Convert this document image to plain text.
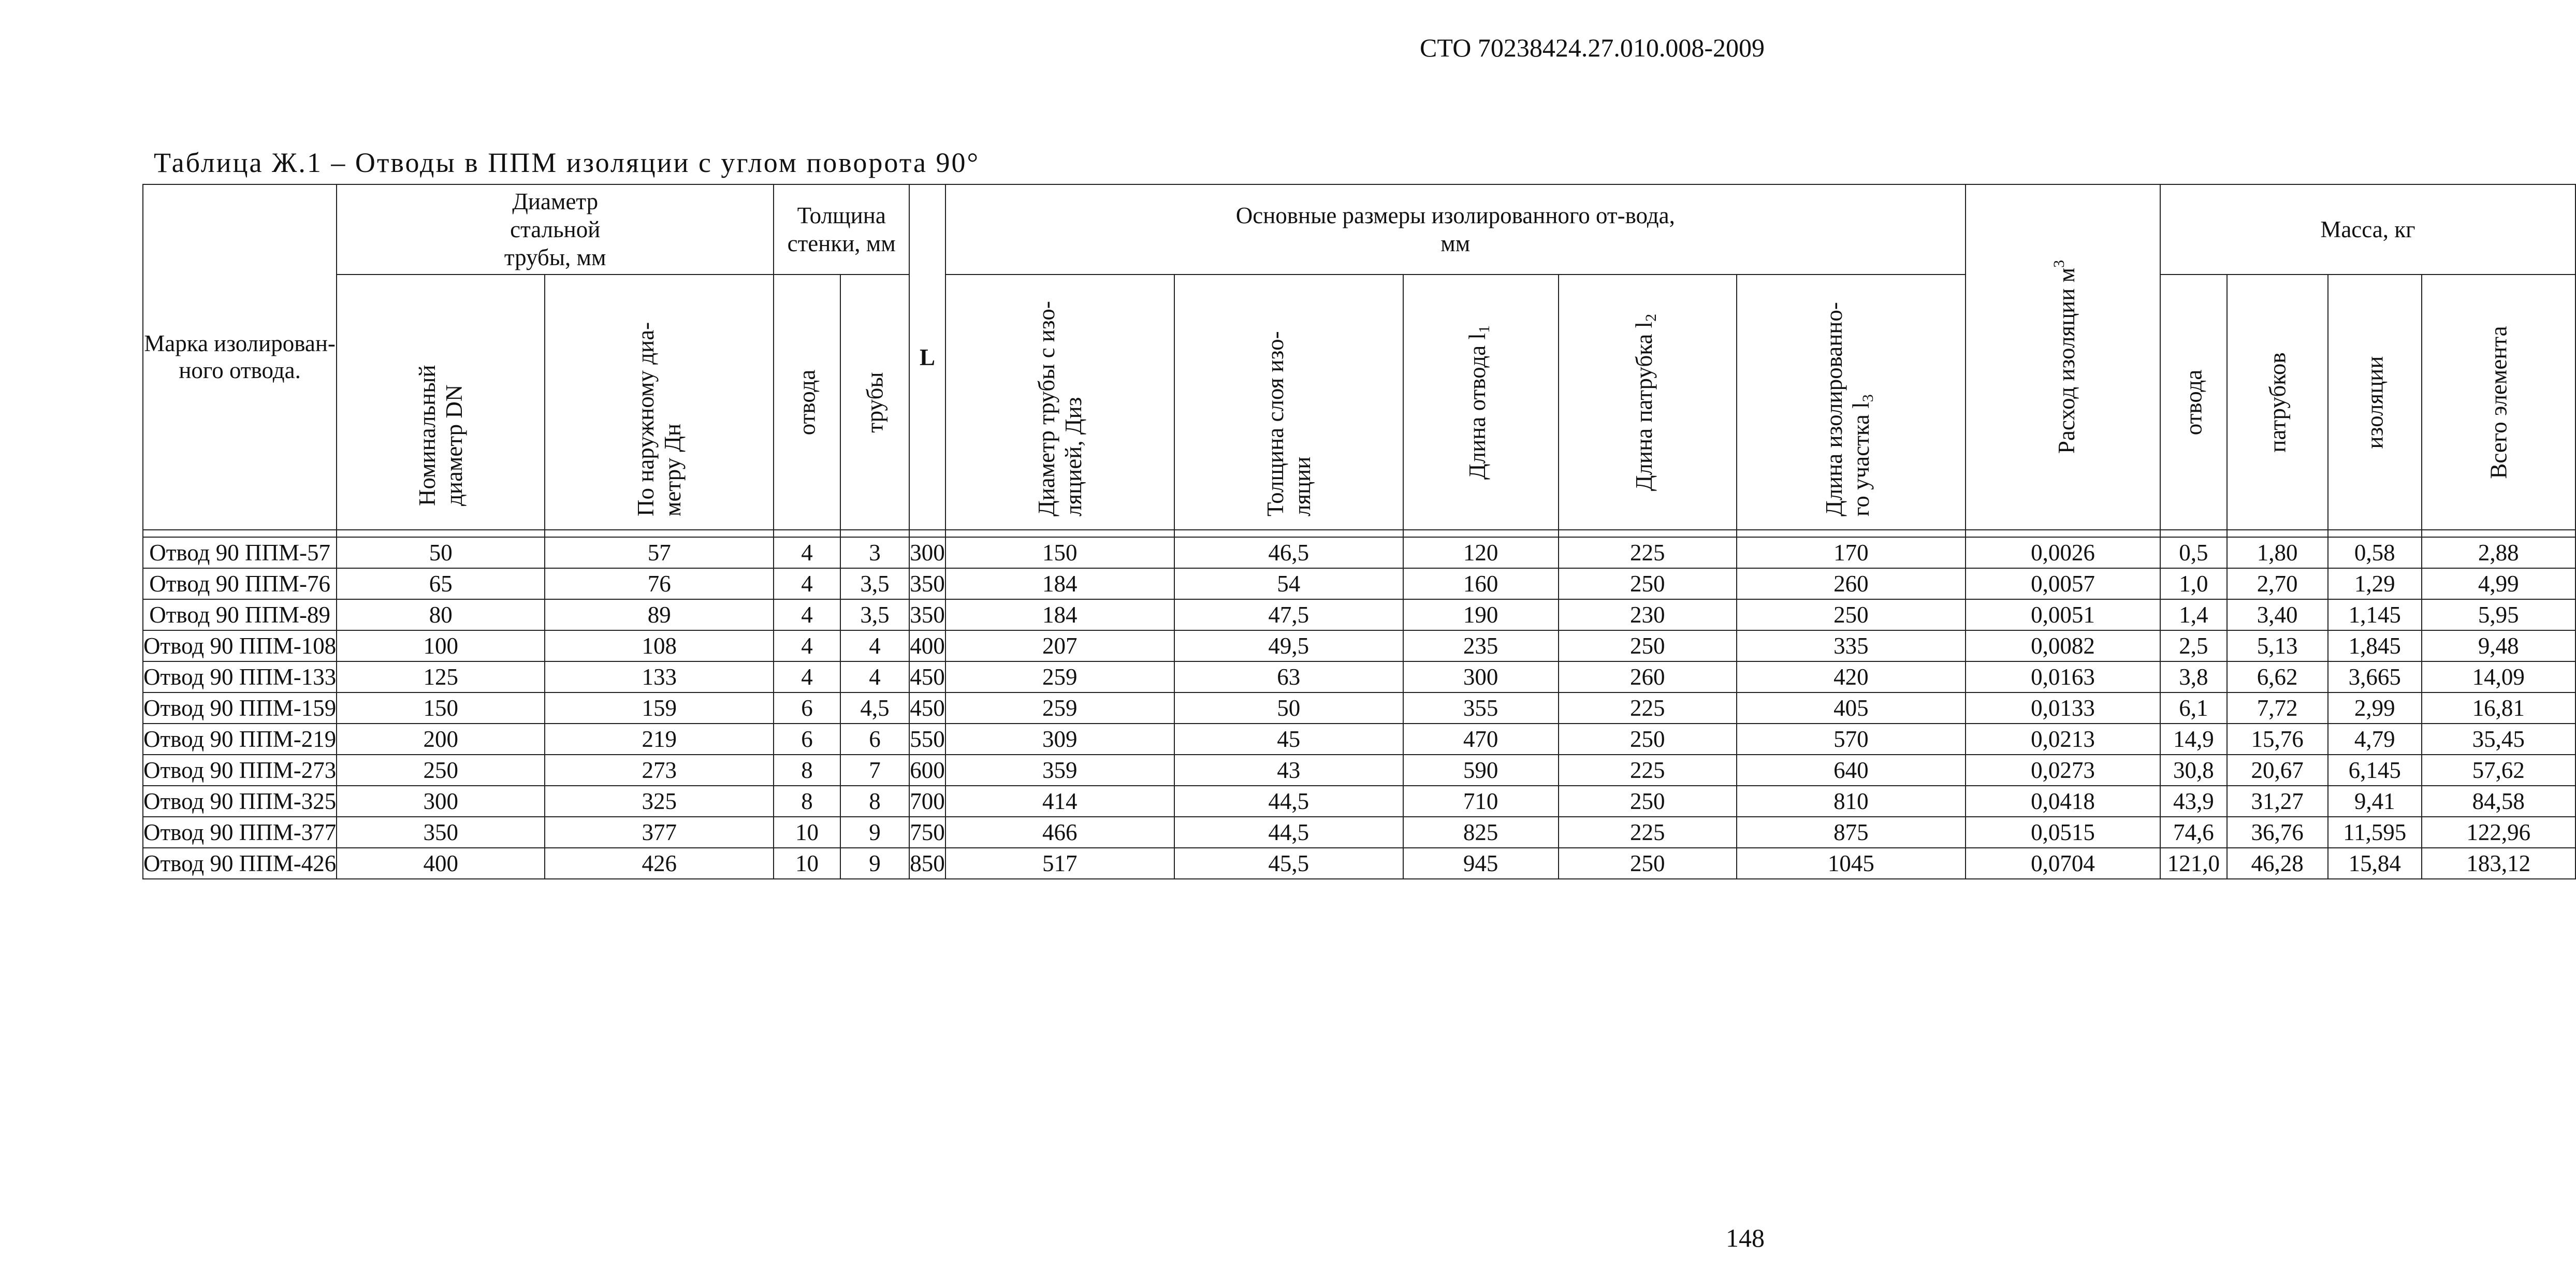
СТО 70238424.27.010.008-2009
Таблица Ж.1 – Отводы в ППМ изоляции с углом поворота 90°
Марка изолирован-ного отвода.	Диаметр стальной трубы, мм		Толщина стенки, мм		L	Основные размеры изолированного от-вода, мм					Расход изоляции $м^3$	Масса, кг			
	Номинальный диаметр DN	По наружному диа-метру Дн	отвода	трубы		Диаметр трубы с изо-ляцией, Диз	Толщина слоя изо-ляции	Длина отвода $l_1$	Длина патрубка $l_2$	Длина изолированно-го участка $l_3$		отвода	патрубков	изоляции	Всего элемента

Отвод 90 ППМ-57	50	57	4	3	300	150	46,5	120	225	170	0,0026	0,5	1,80	0,58	2,88
Отвод 90 ППМ-76	65	76	4	3,5	350	184	54	160	250	260	0,0057	1,0	2,70	1,29	4,99
Отвод 90 ППМ-89	80	89	4	3,5	350	184	47,5	190	230	250	0,0051	1,4	3,40	1,145	5,95
Отвод 90 ППМ-108	100	108	4	4	400	207	49,5	235	250	335	0,0082	2,5	5,13	1,845	9,48
Отвод 90 ППМ-133	125	133	4	4	450	259	63	300	260	420	0,0163	3,8	6,62	3,665	14,09
Отвод 90 ППМ-159	150	159	6	4,5	450	259	50	355	225	405	0,0133	6,1	7,72	2,99	16,81
Отвод 90 ППМ-219	200	219	6	6	550	309	45	470	250	570	0,0213	14,9	15,76	4,79	35,45
Отвод 90 ППМ-273	250	273	8	7	600	359	43	590	225	640	0,0273	30,8	20,67	6,145	57,62
Отвод 90 ППМ-325	300	325	8	8	700	414	44,5	710	250	810	0,0418	43,9	31,27	9,41	84,58
Отвод 90 ППМ-377	350	377	10	9	750	466	44,5	825	225	875	0,0515	74,6	36,76	11,595	122,96
Отвод 90 ППМ-426	400	426	10	9	850	517	45,5	945	250	1045	0,0704	121,0	46,28	15,84	183,12
148
